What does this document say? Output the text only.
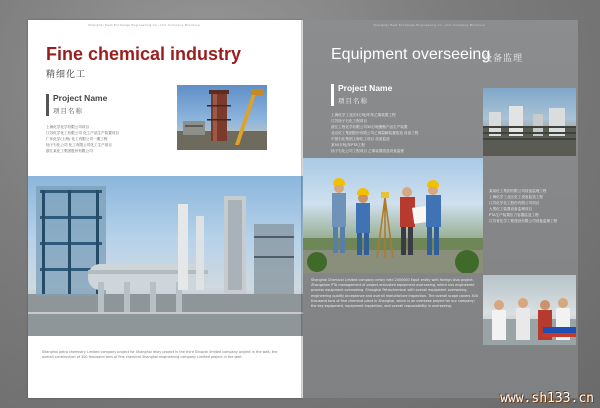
Shanghai Heat Exchange Engineering Co., Ltd. Company Brochure
Fine chemical industry
精细化工
Project Name
项目名称
上海化学化学有限公司项目
江苏化学化工有限公司 化工产品生产装置项目
广东化学(上海) 化工有限公司一期工程
扬子石化公司 化工有限公司化工生产项目
浙江某化工集团股份有限公司
Shanghai petro chemistry Limited company project for Shanghai relay project in the third Sinopec limited company project in the wait, the overall construction of 300 thousand tons of fine chemical Shanghai engineering company Limited project in the wait.
Shanghai Heat Exchange Engineering Co., Ltd. Company Brochure
Equipment overseeing
设备监理
Project Name
项目名称
上海化学工业区5万吨/年苯乙烯装置工程
江苏扬子石化工程项目
浙江工程化学有限公司30万吨聚酯产品生产装置
北京化工集团股份有限公司乙烯裂解装置改造 设备工程
中国石化集团上海化工项目 设备监造
某50万吨/年PTA工程
扬子石化公司工程项目 乙烯装置改造设备监理
某某化工集团有限公司设备监理工程
上海化学工业区化工设备监造工程
江苏化学化工股份有限公司项目
大型化工装置设备监理项目
PTA生产装置压力容器监造工程
江苏省化学工程建设有限公司设备监理工程
Shanghai Chemical Limited company newly held 2000000 Equit entity with foreign Asia project. Zhongshan PTA management of project entrusted equipment overseeing, which has engineered process equipment overseeing. Shanghai Petrochemical with overall equipment overseeing, engineering quality acceptance and overall manufacture inspection. The overall scope covers 300 thousand tons of fine chemical plant in Shanghai, which is an overseas project for our company; the key equipment, equipment inspection, and overall responsibility in overseeing.
www.sh133.cn
